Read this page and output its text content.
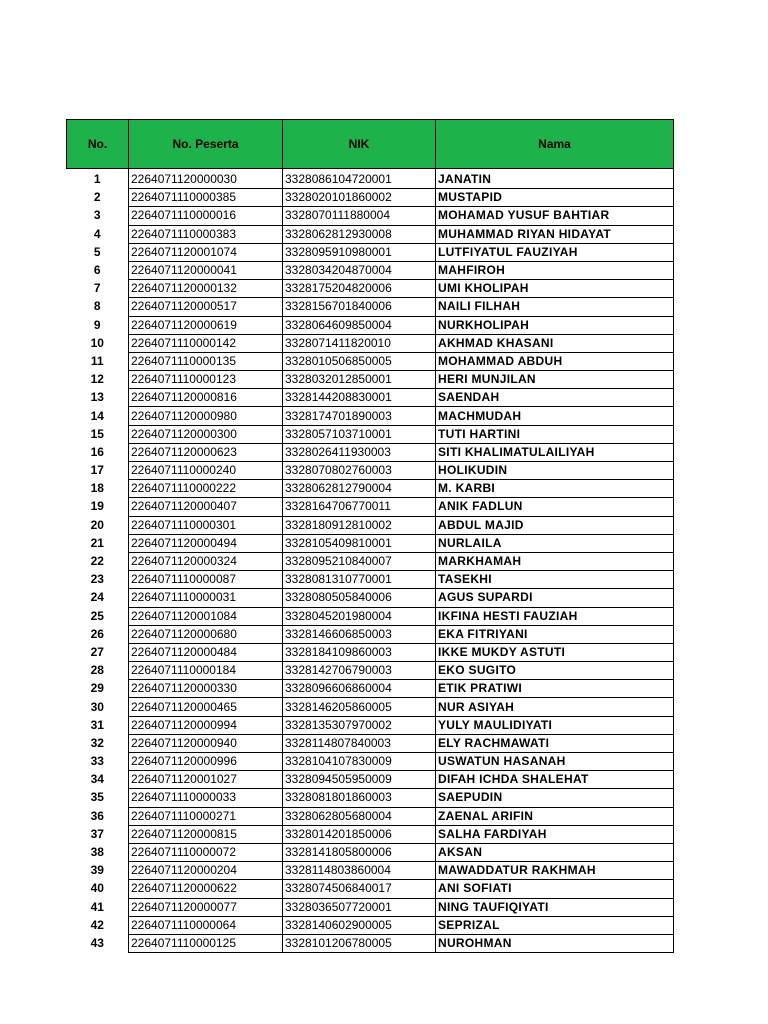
No.	No. Peserta	NIK	Nama
1	2264071120000030	3328086104720001	JANATIN
2	2264071110000385	3328020101860002	MUSTAPID
3	2264071110000016	3328070111880004	MOHAMAD YUSUF BAHTIAR
4	2264071110000383	3328062812930008	MUHAMMAD RIYAN HIDAYAT
5	2264071120001074	3328095910980001	LUTFIYATUL FAUZIYAH
6	2264071120000041	3328034204870004	MAHFIROH
7	2264071120000132	3328175204820006	UMI KHOLIPAH
8	2264071120000517	3328156701840006	NAILI FILHAH
9	2264071120000619	3328064609850004	NURKHOLIPAH
10	2264071110000142	3328071411820010	AKHMAD KHASANI
11	2264071110000135	3328010506850005	MOHAMMAD ABDUH
12	2264071110000123	3328032012850001	HERI MUNJILAN
13	2264071120000816	3328144208830001	SAENDAH
14	2264071120000980	3328174701890003	MACHMUDAH
15	2264071120000300	3328057103710001	TUTI HARTINI
16	2264071120000623	3328026411930003	SITI KHALIMATULAILIYAH
17	2264071110000240	3328070802760003	HOLIKUDIN
18	2264071110000222	3328062812790004	M. KARBI
19	2264071120000407	3328164706770011	ANIK FADLUN
20	2264071110000301	3328180912810002	ABDUL MAJID
21	2264071120000494	3328105409810001	NURLAILA
22	2264071120000324	3328095210840007	MARKHAMAH
23	2264071110000087	3328081310770001	TASEKHI
24	2264071110000031	3328080505840006	AGUS SUPARDI
25	2264071120001084	3328045201980004	IKFINA HESTI FAUZIAH
26	2264071120000680	3328146606850003	EKA FITRIYANI
27	2264071120000484	3328184109860003	IKKE MUKDY ASTUTI
28	2264071110000184	3328142706790003	EKO SUGITO
29	2264071120000330	3328096606860004	ETIK PRATIWI
30	2264071120000465	3328146205860005	NUR ASIYAH
31	2264071120000994	3328135307970002	YULY MAULIDIYATI
32	2264071120000940	3328114807840003	ELY RACHMAWATI
33	2264071120000996	3328104107830009	USWATUN HASANAH
34	2264071120001027	3328094505950009	DIFAH ICHDA SHALEHAT
35	2264071110000033	3328081801860003	SAEPUDIN
36	2264071110000271	3328062805680004	ZAENAL ARIFIN
37	2264071120000815	3328014201850006	SALHA FARDIYAH
38	2264071110000072	3328141805800006	AKSAN
39	2264071120000204	3328114803860004	MAWADDATUR RAKHMAH
40	2264071120000622	3328074506840017	ANI SOFIATI
41	2264071120000077	3328036507720001	NING TAUFIQIYATI
42	2264071110000064	3328140602900005	SEPRIZAL
43	2264071110000125	3328101206780005	NUROHMAN
